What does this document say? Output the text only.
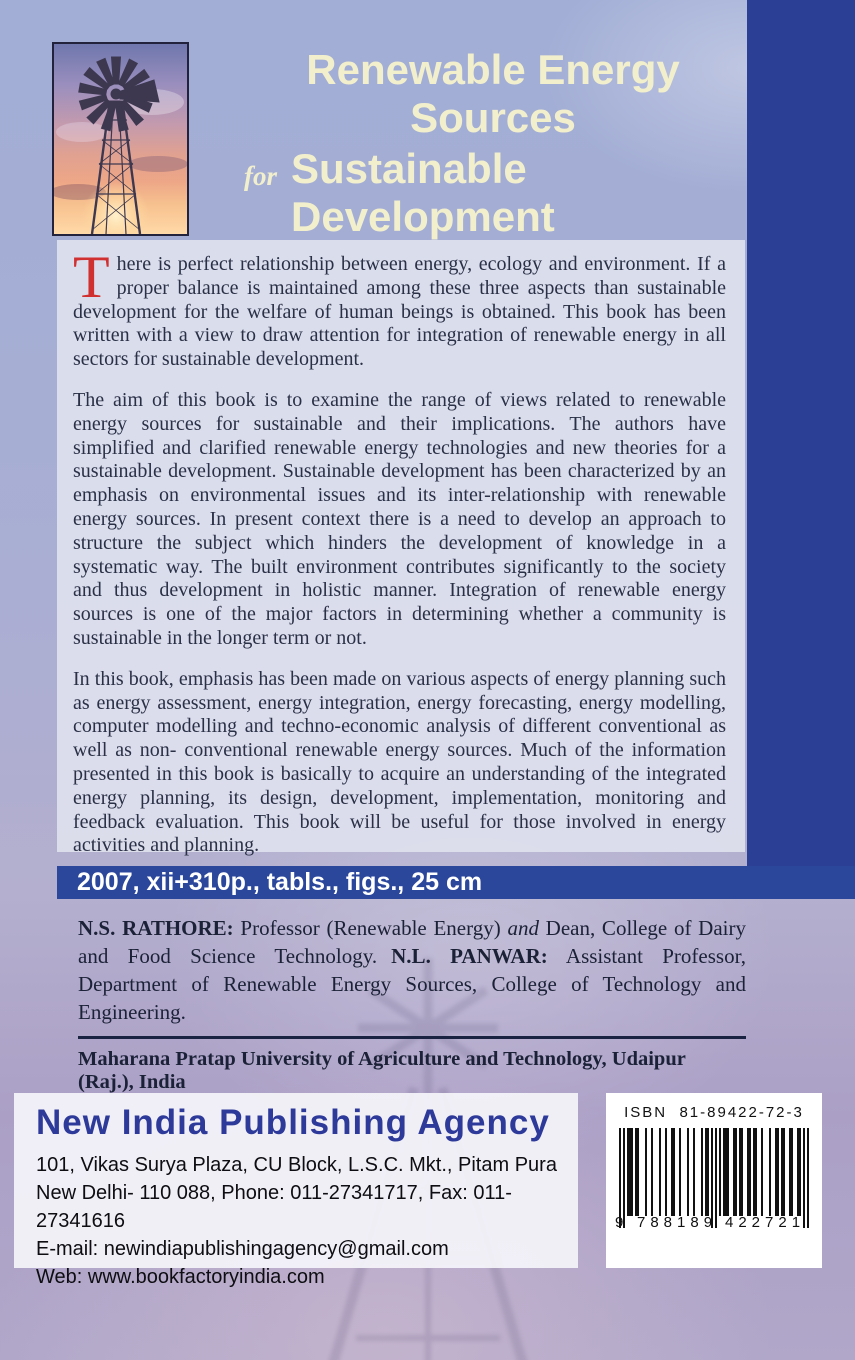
Renewable Energy Sources
for Sustainable Development

There is perfect relationship between energy, ecology and environment. If a proper balance is maintained among these three aspects than sustainable development for the welfare of human beings is obtained. This book has been written with a view to draw attention for integration of renewable energy in all sectors for sustainable development.

The aim of this book is to examine the range of views related to renewable energy sources for sustainable and their implications. The authors have simplified and clarified renewable energy technologies and new theories for a sustainable development. Sustainable development has been characterized by an emphasis on environmental issues and its inter-relationship with renewable energy sources. In present context there is a need to develop an approach to structure the subject which hinders the development of knowledge in a systematic way. The built environment contributes significantly to the society and thus development in holistic manner. Integration of renewable energy sources is one of the major factors in determining whether a community is sustainable in the longer term or not.

In this book, emphasis has been made on various aspects of energy planning such as energy assessment, energy integration, energy forecasting, energy modelling, computer modelling and techno-economic analysis of different conventional as well as non- conventional renewable energy sources. Much of the information presented in this book is basically to acquire an understanding of the integrated energy planning, its design, development, implementation, monitoring and feedback evaluation. This book will be useful for those involved in energy activities and planning.

2007, xii+310p., tabls., figs., 25 cm

N.S. RATHORE: Professor (Renewable Energy) and Dean, College of Dairy and Food Science Technology. N.L. PANWAR: Assistant Professor, Department of Renewable Energy Sources, College of Technology and Engineering.

Maharana Pratap University of Agriculture and Technology, Udaipur (Raj.), India

New India Publishing Agency
101, Vikas Surya Plaza, CU Block, L.S.C. Mkt., Pitam Pura
New Delhi- 110 088, Phone: 011-27341717, Fax: 011-27341616
E-mail: newindiapublishingagency@gmail.com
Web: www.bookfactoryindia.com
ISBN  81-89422-72-3
9 788189 422721
